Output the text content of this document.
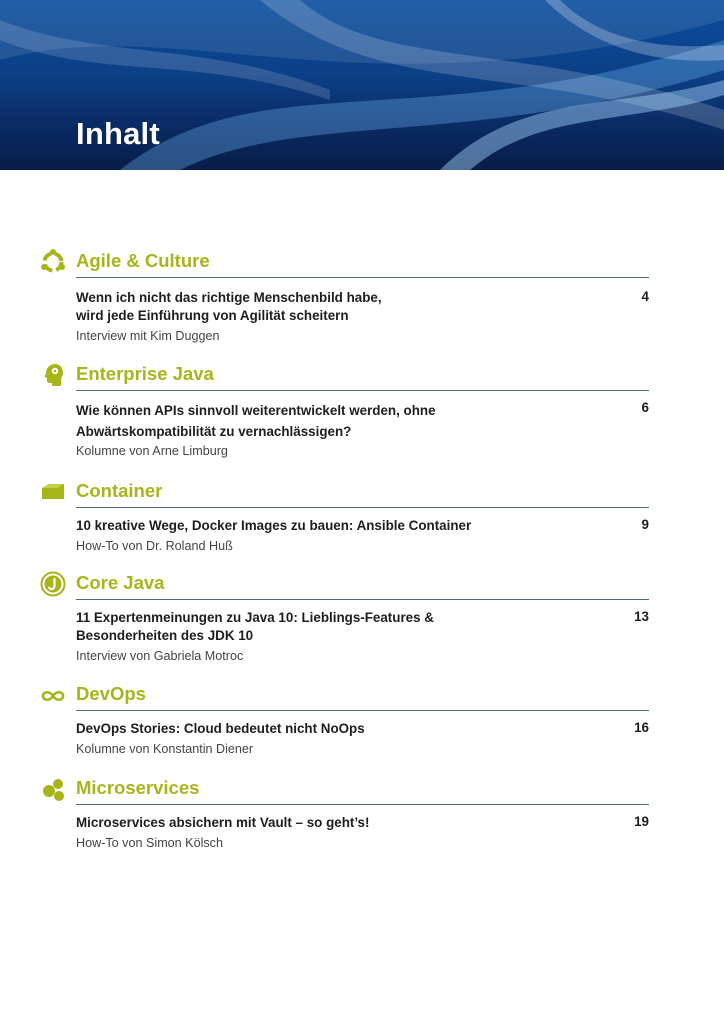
Inhalt
Agile & Culture
Wenn ich nicht das richtige Menschenbild habe,
wird jede Einführung von Agilität scheitern
Interview mit Kim Duggen
4
Enterprise Java
Wie können APIs sinnvoll weiterentwickelt werden, ohne
Abwärtskompatibilität zu vernachlässigen?
Kolumne von Arne Limburg
6
Container
10 kreative Wege, Docker Images zu bauen: Ansible Container
How-To von Dr. Roland Huß
9
Core Java
11 Expertenmeinungen zu Java 10: Lieblings-Features &
Besonderheiten des JDK 10
Interview von Gabriela Motroc
13
DevOps
DevOps Stories: Cloud bedeutet nicht NoOps
Kolumne von Konstantin Diener
16
Microservices
Microservices absichern mit Vault – so geht’s!
How-To von Simon Kölsch
19
